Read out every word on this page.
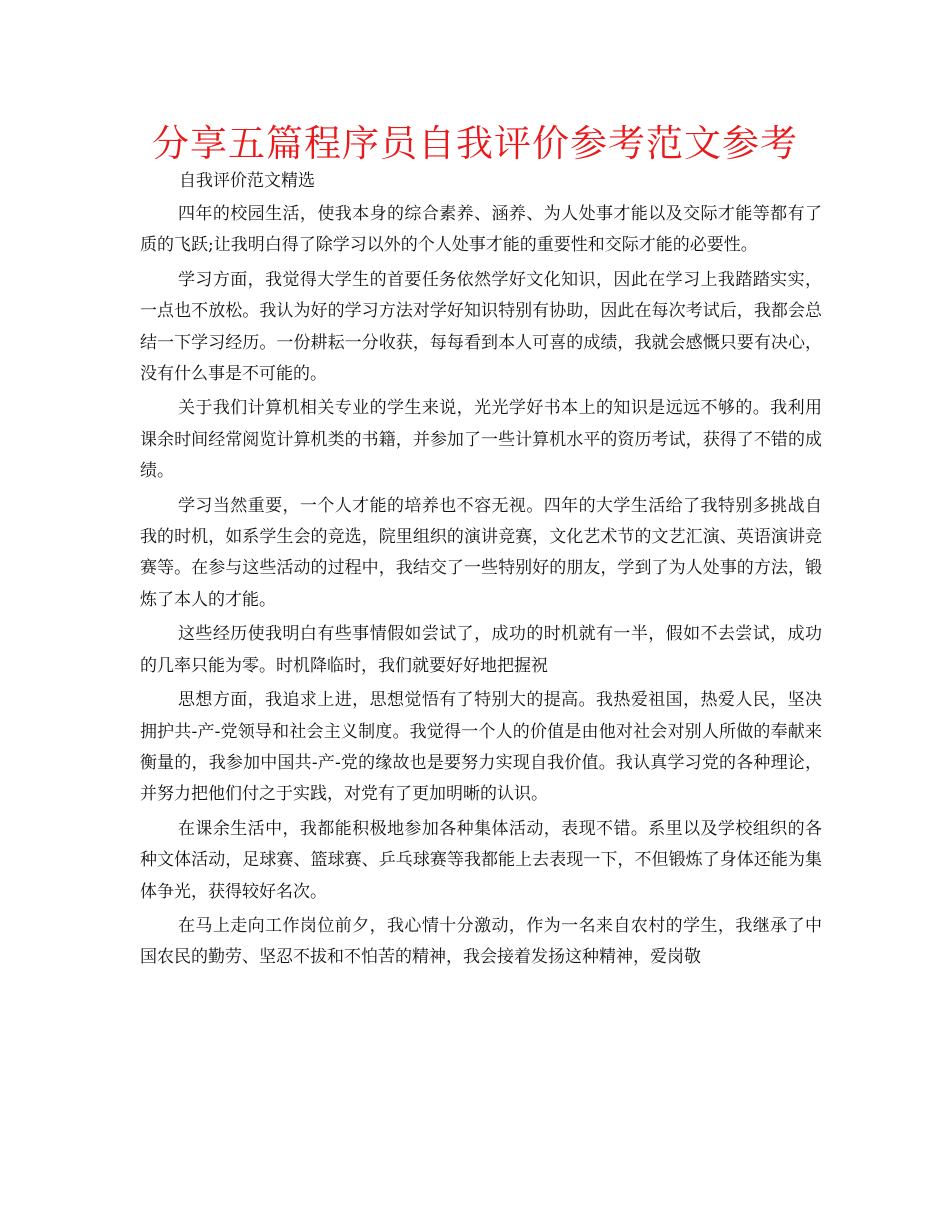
分享五篇程序员自我评价参考范文参考
自我评价范文精选

四年的校园生活，使我本身的综合素养、涵养、为人处事才能以及交际才能等都有了质的飞跃;让我明白得了除学习以外的个人处事才能的重要性和交际才能的必要性。

学习方面，我觉得大学生的首要任务依然学好文化知识，因此在学习上我踏踏实实，一点也不放松。我认为好的学习方法对学好知识特别有协助，因此在每次考试后，我都会总结一下学习经历。一份耕耘一分收获，每每看到本人可喜的成绩，我就会感慨只要有决心，没有什么事是不可能的。

关于我们计算机相关专业的学生来说，光光学好书本上的知识是远远不够的。我利用课余时间经常阅览计算机类的书籍，并参加了一些计算机水平的资历考试，获得了不错的成绩。

学习当然重要，一个人才能的培养也不容无视。四年的大学生活给了我特别多挑战自我的时机，如系学生会的竞选，院里组织的演讲竞赛，文化艺术节的文艺汇演、英语演讲竞赛等。在参与这些活动的过程中，我结交了一些特别好的朋友，学到了为人处事的方法，锻炼了本人的才能。

这些经历使我明白有些事情假如尝试了，成功的时机就有一半，假如不去尝试，成功的几率只能为零。时机降临时，我们就要好好地把握祝

思想方面，我追求上进，思想觉悟有了特别大的提高。我热爱祖国，热爱人民，坚决拥护共-产-党领导和社会主义制度。我觉得一个人的价值是由他对社会对别人所做的奉献来衡量的，我参加中国共-产-党的缘故也是要努力实现自我价值。我认真学习党的各种理论，并努力把他们付之于实践，对党有了更加明晰的认识。

在课余生活中，我都能积极地参加各种集体活动，表现不错。系里以及学校组织的各种文体活动，足球赛、篮球赛、乒乓球赛等我都能上去表现一下，不但锻炼了身体还能为集体争光，获得较好名次。

在马上走向工作岗位前夕，我心情十分激动，作为一名来自农村的学生，我继承了中国农民的勤劳、坚忍不拔和不怕苦的精神，我会接着发扬这种精神，爱岗敬
